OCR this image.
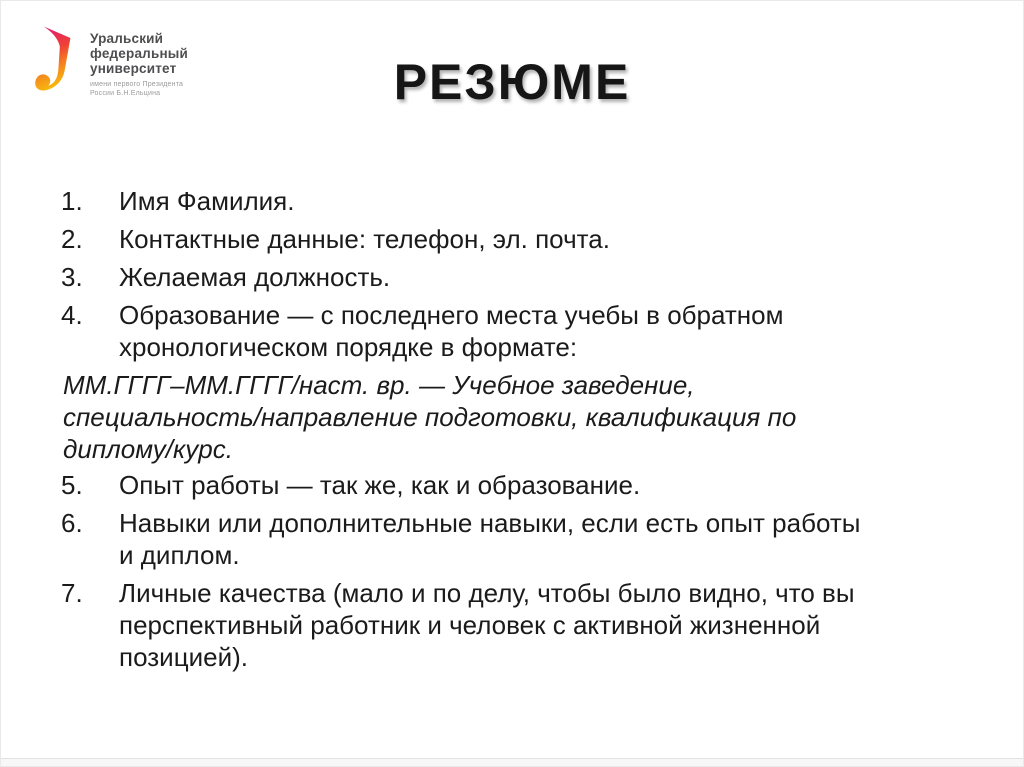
Уральский
федеральный
университет
имени первого Президента
России Б.Н.Ельцина	РЕЗЮМЕ
1.	Имя Фамилия.
2.	Контактные данные: телефон, эл. почта.
3.	Желаемая должность.
4.	Образование — с последнего места учебы в обратном
хронологическом порядке в формате:
ММ.ГГГГ–ММ.ГГГГ/наст. вр. — Учебное заведение,
специальность/направление подготовки, квалификация по
диплому/курс.
5.	Опыт работы — так же, как и образование.
6.	Навыки или дополнительные навыки, если есть опыт работы
и диплом.
7.	Личные качества (мало и по делу, чтобы было видно, что вы
перспективный работник и человек с активной жизненной
позицией).
